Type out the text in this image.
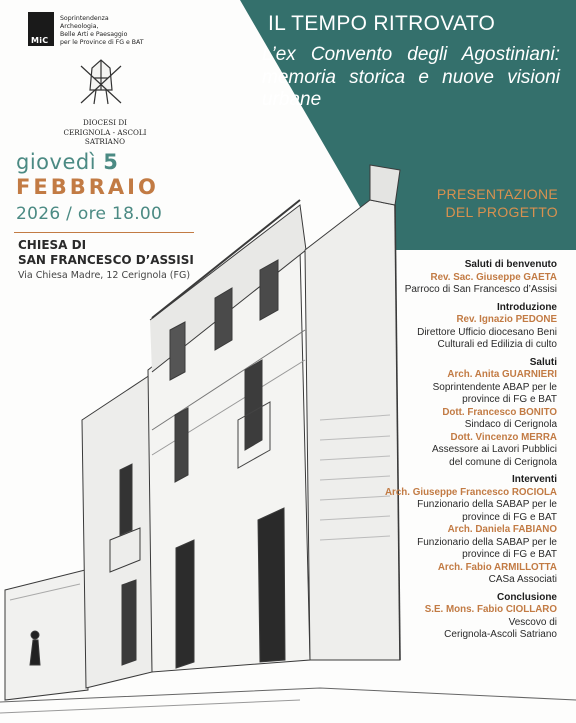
MiC
Soprintendenza
Archeologia,
Belle Arti e Paesaggio
per le Province di FG e BAT
DIOCESI DI
CERIGNOLA - ASCOLI
SATRIANO
giovedì 5
FEBBRAIO
2026 / ore 18.00
CHIESA DI
SAN FRANCESCO D’ASSISI
Via Chiesa Madre, 12 Cerignola (FG)
IL TEMPO RITROVATO
L’ex Convento degli Agostiniani: memoria storica e nuove visioni urbane
PRESENTAZIONE
DEL PROGETTO
Saluti di benvenuto
Rev. Sac. Giuseppe GAETA
Parroco di San Francesco d’Assisi
Introduzione
Rev. Ignazio PEDONE
Direttore Ufficio diocesano Beni
Culturali ed Edilizia di culto
Saluti
Arch. Anita GUARNIERI
Soprintendente ABAP per le
province di FG e BAT
Dott. Francesco BONITO
Sindaco di Cerignola
Dott. Vincenzo MERRA
Assessore ai Lavori Pubblici
del comune di Cerignola
Interventi
Arch. Giuseppe Francesco ROCIOLA
Funzionario della SABAP per le
province di FG e BAT
Arch. Daniela FABIANO
Funzionario della SABAP per le
province di FG e BAT
Arch. Fabio ARMILLOTTA
CASa Associati
Conclusione
S.E. Mons. Fabio CIOLLARO
Vescovo di
Cerignola-Ascoli Satriano
